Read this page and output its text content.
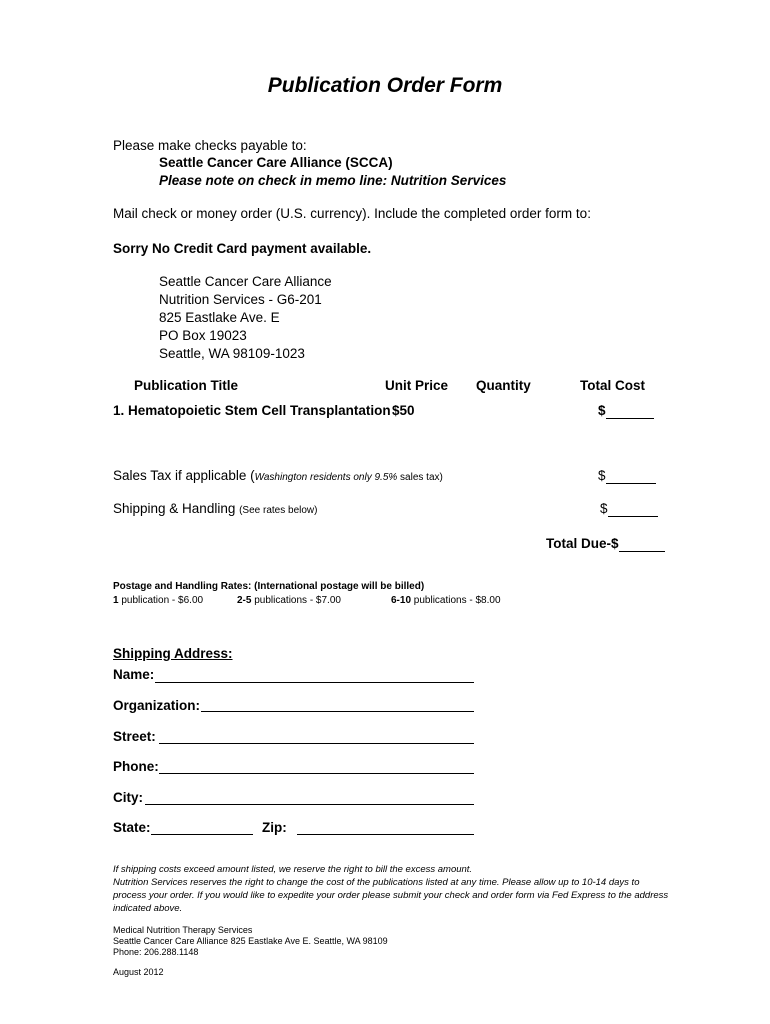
Publication Order Form
Please make checks payable to:
Seattle Cancer Care Alliance (SCCA)
Please note on check in memo line: Nutrition Services
Mail check or money order (U.S. currency). Include the completed order form to:
Sorry No Credit Card payment available.
Seattle Cancer Care Alliance
Nutrition Services - G6-201
825 Eastlake Ave. E
PO Box 19023
Seattle, WA 98109-1023
Publication Title	Unit Price Quantity	Total Cost
1. Hematopoietic Stem Cell Transplantation $50	$
Sales Tax if applicable (Washington residents only 9.5% sales tax)	$
Shipping & Handling (See rates below)	$
Total Due-$
Postage and Handling Rates: (International postage will be billed)
1 publication - $6.00	2-5 publications - $7.00	6-10 publications - $8.00
Shipping Address:
Name:
Organization:
Street:
Phone:
City:
State:	Zip:
If shipping costs exceed amount listed, we reserve the right to bill the excess amount.
Nutrition Services reserves the right to change the cost of the publications listed at any time. Please allow up to 10-14 days to
process your order. If you would like to expedite your order please submit your check and order form via Fed Express to the address
indicated above.
Medical Nutrition Therapy Services
Seattle Cancer Care Alliance 825 Eastlake Ave E. Seattle, WA 98109
Phone: 206.288.1148
August 2012
